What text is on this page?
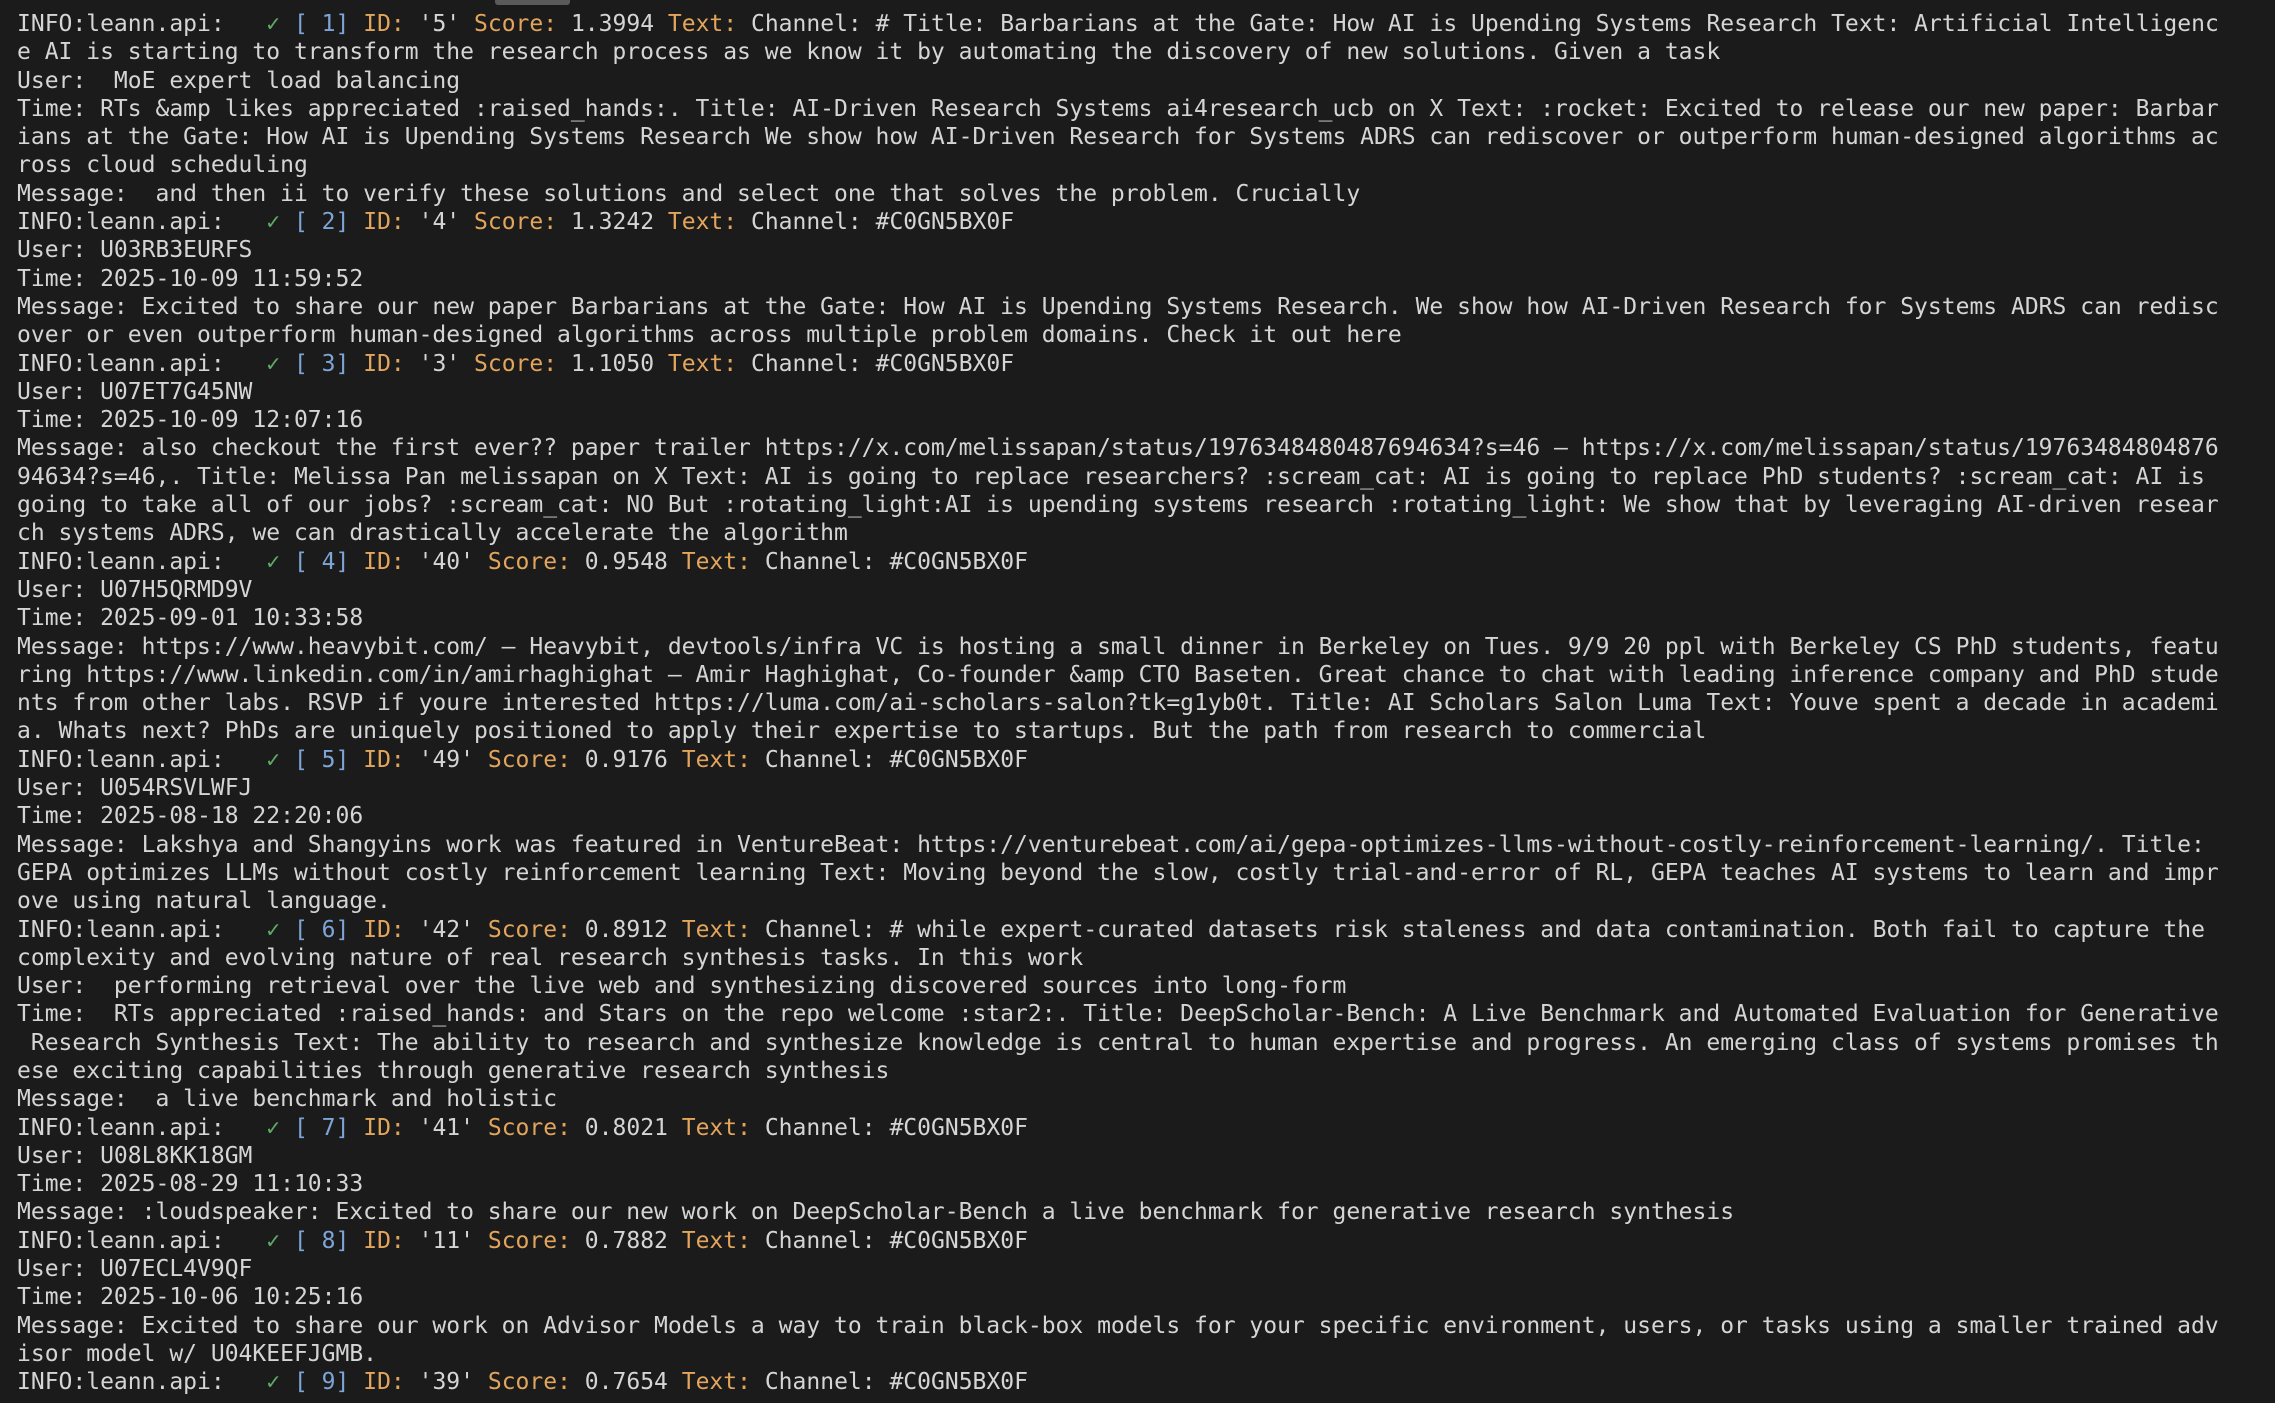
INFO:leann.api:   ✓ [ 1] ID: '5' Score: 1.3994 Text: Channel: # Title: Barbarians at the Gate: How AI is Upending Systems Research Text: Artificial Intelligenc
e AI is starting to transform the research process as we know it by automating the discovery of new solutions. Given a task
User:  MoE expert load balancing
Time: RTs &amp likes appreciated :raised_hands:. Title: AI-Driven Research Systems ai4research_ucb on X Text: :rocket: Excited to release our new paper: Barbar
ians at the Gate: How AI is Upending Systems Research We show how AI-Driven Research for Systems ADRS can rediscover or outperform human-designed algorithms ac
ross cloud scheduling
Message:  and then ii to verify these solutions and select one that solves the problem. Crucially
INFO:leann.api:   ✓ [ 2] ID: '4' Score: 1.3242 Text: Channel: #C0GN5BX0F
User: U03RB3EURFS
Time: 2025-10-09 11:59:52
Message: Excited to share our new paper Barbarians at the Gate: How AI is Upending Systems Research. We show how AI-Driven Research for Systems ADRS can redisc
over or even outperform human-designed algorithms across multiple problem domains. Check it out here
INFO:leann.api:   ✓ [ 3] ID: '3' Score: 1.1050 Text: Channel: #C0GN5BX0F
User: U07ET7G45NW
Time: 2025-10-09 12:07:16
Message: also checkout the first ever?? paper trailer https://x.com/melissapan/status/1976348480487694634?s=46 — https://x.com/melissapan/status/19763484804876
94634?s=46,. Title: Melissa Pan melissapan on X Text: AI is going to replace researchers? :scream_cat: AI is going to replace PhD students? :scream_cat: AI is
going to take all of our jobs? :scream_cat: NO But :rotating_light:AI is upending systems research :rotating_light: We show that by leveraging AI-driven resear
ch systems ADRS, we can drastically accelerate the algorithm
INFO:leann.api:   ✓ [ 4] ID: '40' Score: 0.9548 Text: Channel: #C0GN5BX0F
User: U07H5QRMD9V
Time: 2025-09-01 10:33:58
Message: https://www.heavybit.com/ — Heavybit, devtools/infra VC is hosting a small dinner in Berkeley on Tues. 9/9 20 ppl with Berkeley CS PhD students, featu
ring https://www.linkedin.com/in/amirhaghighat — Amir Haghighat, Co-founder &amp CTO Baseten. Great chance to chat with leading inference company and PhD stude
nts from other labs. RSVP if youre interested https://luma.com/ai-scholars-salon?tk=g1yb0t. Title: AI Scholars Salon Luma Text: Youve spent a decade in academi
a. Whats next? PhDs are uniquely positioned to apply their expertise to startups. But the path from research to commercial
INFO:leann.api:   ✓ [ 5] ID: '49' Score: 0.9176 Text: Channel: #C0GN5BX0F
User: U054RSVLWFJ
Time: 2025-08-18 22:20:06
Message: Lakshya and Shangyins work was featured in VentureBeat: https://venturebeat.com/ai/gepa-optimizes-llms-without-costly-reinforcement-learning/. Title:
GEPA optimizes LLMs without costly reinforcement learning Text: Moving beyond the slow, costly trial-and-error of RL, GEPA teaches AI systems to learn and impr
ove using natural language.
INFO:leann.api:   ✓ [ 6] ID: '42' Score: 0.8912 Text: Channel: # while expert-curated datasets risk staleness and data contamination. Both fail to capture the
complexity and evolving nature of real research synthesis tasks. In this work
User:  performing retrieval over the live web and synthesizing discovered sources into long-form
Time:  RTs appreciated :raised_hands: and Stars on the repo welcome :star2:. Title: DeepScholar-Bench: A Live Benchmark and Automated Evaluation for Generative
Research Synthesis Text: The ability to research and synthesize knowledge is central to human expertise and progress. An emerging class of systems promises th
ese exciting capabilities through generative research synthesis
Message:  a live benchmark and holistic
INFO:leann.api:   ✓ [ 7] ID: '41' Score: 0.8021 Text: Channel: #C0GN5BX0F
User: U08L8KK18GM
Time: 2025-08-29 11:10:33
Message: :loudspeaker: Excited to share our new work on DeepScholar-Bench a live benchmark for generative research synthesis
INFO:leann.api:   ✓ [ 8] ID: '11' Score: 0.7882 Text: Channel: #C0GN5BX0F
User: U07ECL4V9QF
Time: 2025-10-06 10:25:16
Message: Excited to share our work on Advisor Models a way to train black-box models for your specific environment, users, or tasks using a smaller trained adv
isor model w/ U04KEEFJGMB.
INFO:leann.api:   ✓ [ 9] ID: '39' Score: 0.7654 Text: Channel: #C0GN5BX0F
